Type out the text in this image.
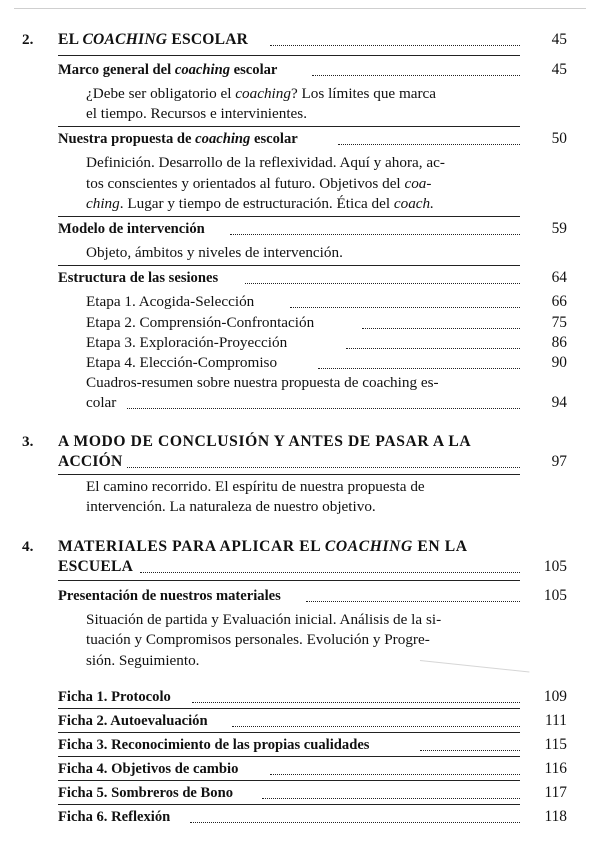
2. EL COACHING ESCOLAR	45
Marco general del coaching escolar	45
¿Debe ser obligatorio el coaching? Los límites que marca
el tiempo. Recursos e intervinientes.
Nuestra propuesta de coaching escolar	50
Definición. Desarrollo de la reflexividad. Aquí y ahora, ac-
tos conscientes y orientados al futuro. Objetivos del coa-
ching. Lugar y tiempo de estructuración. Ética del coach.
Modelo de intervención	59
Objeto, ámbitos y niveles de intervención.
Estructura de las sesiones	64
Etapa 1. Acogida-Selección	66
Etapa 2. Comprensión-Confrontación	75
Etapa 3. Exploración-Proyección	86
Etapa 4. Elección-Compromiso	90
Cuadros-resumen sobre nuestra propuesta de coaching es-
colar	94
3. A MODO DE CONCLUSIÓN Y ANTES DE PASAR A LA
ACCIÓN	97
El camino recorrido. El espíritu de nuestra propuesta de
intervención. La naturaleza de nuestro objetivo.
4. MATERIALES PARA APLICAR EL COACHING EN LA
ESCUELA	105
Presentación de nuestros materiales	105
Situación de partida y Evaluación inicial. Análisis de la si-
tuación y Compromisos personales. Evolución y Progre-
sión. Seguimiento.
Ficha 1. Protocolo	109
Ficha 2. Autoevaluación	111
Ficha 3. Reconocimiento de las propias cualidades	115
Ficha 4. Objetivos de cambio	116
Ficha 5. Sombreros de Bono	117
Ficha 6. Reflexión	118
